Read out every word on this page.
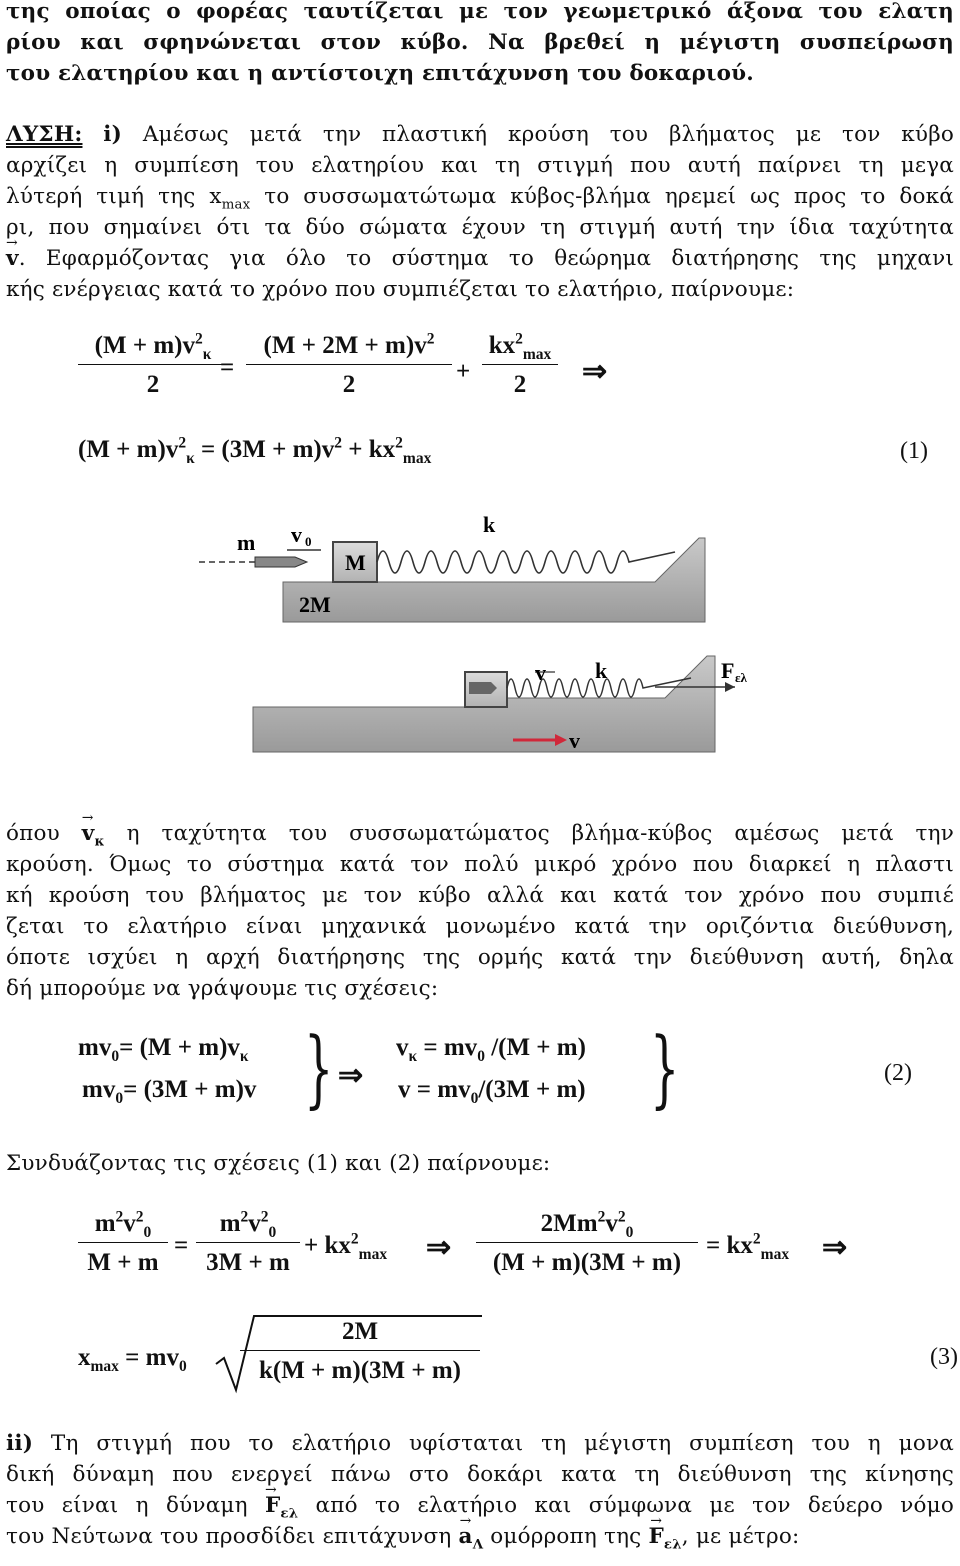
της οποίας ο φορέας ταυτίζεται με τον γεωμετρικό άξονα του ελατη
ρίου και σφηνώνεται στον κύβο. Να βρεθεί η μέγιστη συσπείρωση
του ελατηρίου και η αντίστοιχη επιτάχυνση του δοκαριού.
ΛΥΣΗ: i) Αμέσως μετά την πλαστική κρούση του βλήματος με τον κύβο
αρχίζει η συμπίεση του ελατηρίου και τη στιγμή που αυτή παίρνει τη μεγα
λύτερή τιμή της $x_{max}$ το συσσωματώτωμα κύβος-βλήμα ηρεμεί ως προς το δοκά
ρι, που σημαίνει ότι τα δύο σώματα έχουν τη στιγμή αυτή την ίδια ταχύτητα
→ v. Εφαρμόζοντας για όλο το σύστημα το θεώρημα διατήρησης της μηχανι
κής ενέργειας κατά το χρόνο που συμπιέζεται το ελατήριο, παίρνουμε:
$(M + m)v^2_\kappa$
2
=
$(M + 2M + m)v^2$
2	+
$kx^2_{max}$
2	⇒
$(M + m)v^2_\kappa = (3M + m)v^2 + kx^2_{max}$	(1)
m v 0
M
k
2M
v k	F ελ
v
$ό\pi o\upsilon \to v_\kappa$ η ταχύτητα του συσσωματώματος βλήμα-κύβος αμέσως μετά την
κρούση. Όμως το σύστημα κατά τον πολύ μικρό χρόνο που διαρκεί η πλαστι
κή κρούση του βλήματος με τον κύβο αλλά και κατά τον χρόνο που συμπιέ
ζεται το ελατήριο είναι μηχανικά μονωμένο κατά την οριζόντια διεύθυνση,
όποτε ισχύει η αρχή διατήρησης της ορμής κατά την διεύθυνση αυτή, δηλα
δή μπορούμε να γράψουμε τις σχέσεις:
$mv_0= (M + m)v_\kappa$
$mv_0= (3M + m)v$ } ⇒
$v_\kappa = mv_0$ /(M + m)
$v = mv_0/(3M + m)$ }	(2)
Συνδυάζοντας τις σχέσεις (1) και (2) παίρνουμε:
$m^2v^2_0$
M + m
=
$m^2v^2_0$
3M + m
+ $kx^2_{max}$ ⇒
$2Mm^2v^2_0$
(M + m)(3M + m)
= $kx^2_{max}$ ⇒
$x_{max} = mv_0$
2M
k(M + m)(3M + m)	(3)
ii) Τη στιγμή που το ελατήριο υφίσταται τη μέγιστη συμπίεση του η μονα
δική δύναμη που ενεργεί πάνω στο δοκάρι κατα τη διεύθυνση της κίνησης
του είναι η $\delta ύ\nu\alpha\mu\eta \to F_{\varepsilon\lambda}$ από το ελατήριο και σύμφωνα με τον δεύερο νόμο
του Νεύτωνα του προσδίδει $\varepsilon\pi\iota\tau ά\chi\upsilon\nu\sigma\eta \to a_\Lambda$ ομόρροπη $\tau\eta\varsigma \to F_{\varepsilon\lambda}$, με μέτρο:
